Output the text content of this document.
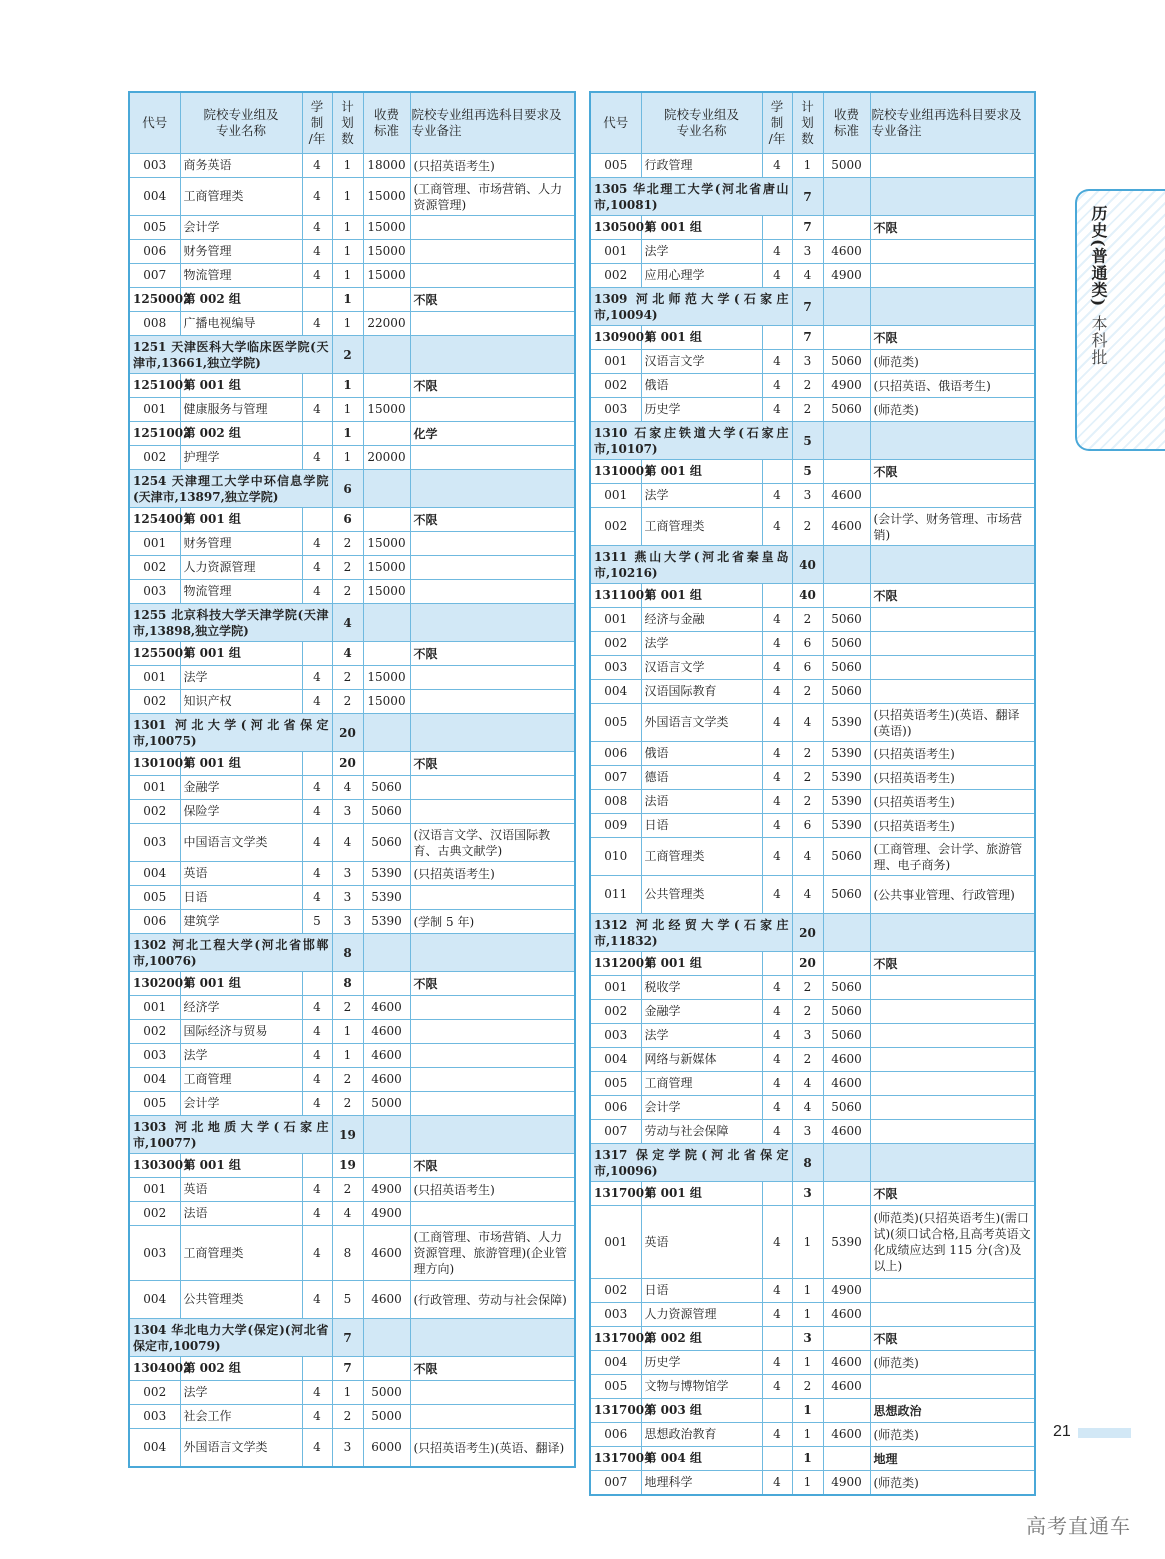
代号	院校专业组及
专业名称	学
制
/年	计
划
数	收费
标准	院校专业组再选科目要求及
专业备注
003	商务英语	4	1	18000	(只招英语考生)
004	工商管理类	4	1	15000	(工商管理、市场营销、人力资源管理)
005	会计学	4	1	15000	
006	财务管理	4	1	15000	
007	物流管理	4	1	15000	
1250002	第 002 组		1		不限
008	广播电视编导	4	1	22000	
1251 天津医科大学临床医学院(天津市,13661,独立学院)			2		
1251001	第 001 组		1		不限
001	健康服务与管理	4	1	15000	
1251002	第 002 组		1		化学
002	护理学	4	1	20000	
1254 天津理工大学中环信息学院(天津市,13897,独立学院)			6		
1254001	第 001 组		6		不限
001	财务管理	4	2	15000	
002	人力资源管理	4	2	15000	
003	物流管理	4	2	15000	
1255 北京科技大学天津学院(天津市,13898,独立学院)			4		
1255001	第 001 组		4		不限
001	法学	4	2	15000	
002	知识产权	4	2	15000	
1301 河北大学(河北省保定市,10075)			20		
1301001	第 001 组		20		不限
001	金融学	4	4	5060	
002	保险学	4	3	5060	
003	中国语言文学类	4	4	5060	(汉语言文学、汉语国际教育、古典文献学)
004	英语	4	3	5390	(只招英语考生)
005	日语	4	3	5390	
006	建筑学	5	3	5390	(学制 5 年)
1302 河北工程大学(河北省邯郸市,10076)			8		
1302001	第 001 组		8		不限
001	经济学	4	2	4600	
002	国际经济与贸易	4	1	4600	
003	法学	4	1	4600	
004	工商管理	4	2	4600	
005	会计学	4	2	5000	
1303 河北地质大学(石家庄市,10077)			19		
1303001	第 001 组		19		不限
001	英语	4	2	4900	(只招英语考生)
002	法语	4	4	4900	
003	工商管理类	4	8	4600	(工商管理、市场营销、人力资源管理、旅游管理)(企业管理方向)
004	公共管理类	4	5	4600	(行政管理、劳动与社会保障)
1304 华北电力大学(保定)(河北省保定市,10079)			7		
1304002	第 002 组		7		不限
002	法学	4	1	5000	
003	社会工作	4	2	5000	
004	外国语言文学类	4	3	6000	(只招英语考生)(英语、翻译)
代号	院校专业组及
专业名称	学
制
/年	计
划
数	收费
标准	院校专业组再选科目要求及
专业备注
005	行政管理	4	1	5000	
1305 华北理工大学(河北省唐山市,10081)			7		
1305001	第 001 组		7		不限
001	法学	4	3	4600	
002	应用心理学	4	4	4900	
1309 河北师范大学(石家庄市,10094)			7		
1309001	第 001 组		7		不限
001	汉语言文学	4	3	5060	(师范类)
002	俄语	4	2	4900	(只招英语、俄语考生)
003	历史学	4	2	5060	(师范类)
1310 石家庄铁道大学(石家庄市,10107)			5		
1310001	第 001 组		5		不限
001	法学	4	3	4600	
002	工商管理类	4	2	4600	(会计学、财务管理、市场营销)
1311 燕山大学(河北省秦皇岛市,10216)			40		
1311001	第 001 组		40		不限
001	经济与金融	4	2	5060	
002	法学	4	6	5060	
003	汉语言文学	4	6	5060	
004	汉语国际教育	4	2	5060	
005	外国语言文学类	4	4	5390	(只招英语考生)(英语、翻译(英语))
006	俄语	4	2	5390	(只招英语考生)
007	德语	4	2	5390	(只招英语考生)
008	法语	4	2	5390	(只招英语考生)
009	日语	4	6	5390	(只招英语考生)
010	工商管理类	4	4	5060	(工商管理、会计学、旅游管理、电子商务)
011	公共管理类	4	4	5060	(公共事业管理、行政管理)
1312 河北经贸大学(石家庄市,11832)			20		
1312001	第 001 组		20		不限
001	税收学	4	2	5060	
002	金融学	4	2	5060	
003	法学	4	3	5060	
004	网络与新媒体	4	2	4600	
005	工商管理	4	4	4600	
006	会计学	4	4	5060	
007	劳动与社会保障	4	3	4600	
1317 保定学院(河北省保定市,10096)			8		
1317001	第 001 组		3		不限
001	英语	4	1	5390	(师范类)(只招英语考生)(需口试)(须口试合格,且高考英语文化成绩应达到 115 分(含)及以上)
002	日语	4	1	4900	
003	人力资源管理	4	1	4600	
1317002	第 002 组		3		不限
004	历史学	4	1	4600	(师范类)
005	文物与博物馆学	4	2	4600	
1317003	第 003 组		1		思想政治
006	思想政治教育	4	1	4600	(师范类)
1317004	第 004 组		1		地理
007	地理科学	4	1	4900	(师范类)
历史(普通类)
本科批
21
高考直通车
